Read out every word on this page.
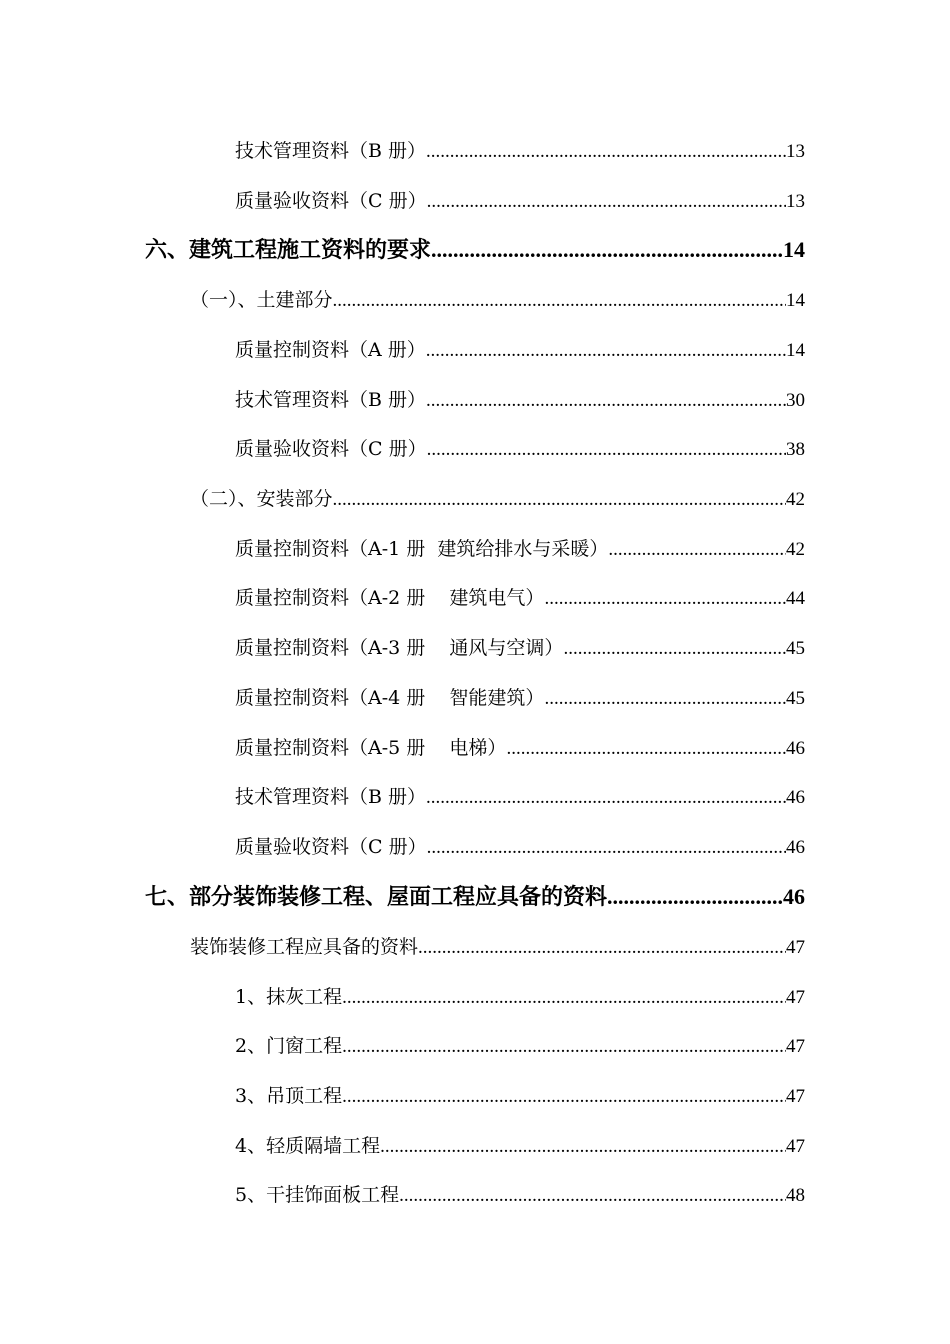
技术管理资料（B 册） .....	13
质量验收资料（C 册） .....	13
六、建筑工程施工资料的要求 .....	14
（一）、土建部分 .....	14
质量控制资料（A 册） .....	14
技术管理资料（B 册） .....	30
质量验收资料（C 册） .....	38
（二）、安装部分 .....	42
质量控制资料（A-1 册  建筑给排水与采暖） .....	42
质量控制资料（A-2 册    建筑电气） .....	44
质量控制资料（A-3 册    通风与空调） .....	45
质量控制资料（A-4 册    智能建筑） .....	45
质量控制资料（A-5 册    电梯） .....	46
技术管理资料（B 册） .....	46
质量验收资料（C 册） .....	46
七、部分装饰装修工程、屋面工程应具备的资料 .....	46
装饰装修工程应具备的资料 .....	47
1、抹灰工程 .....	47
2、门窗工程 .....	47
3、吊顶工程 .....	47
4、轻质隔墙工程 .....	47
5、干挂饰面板工程 .....	48
